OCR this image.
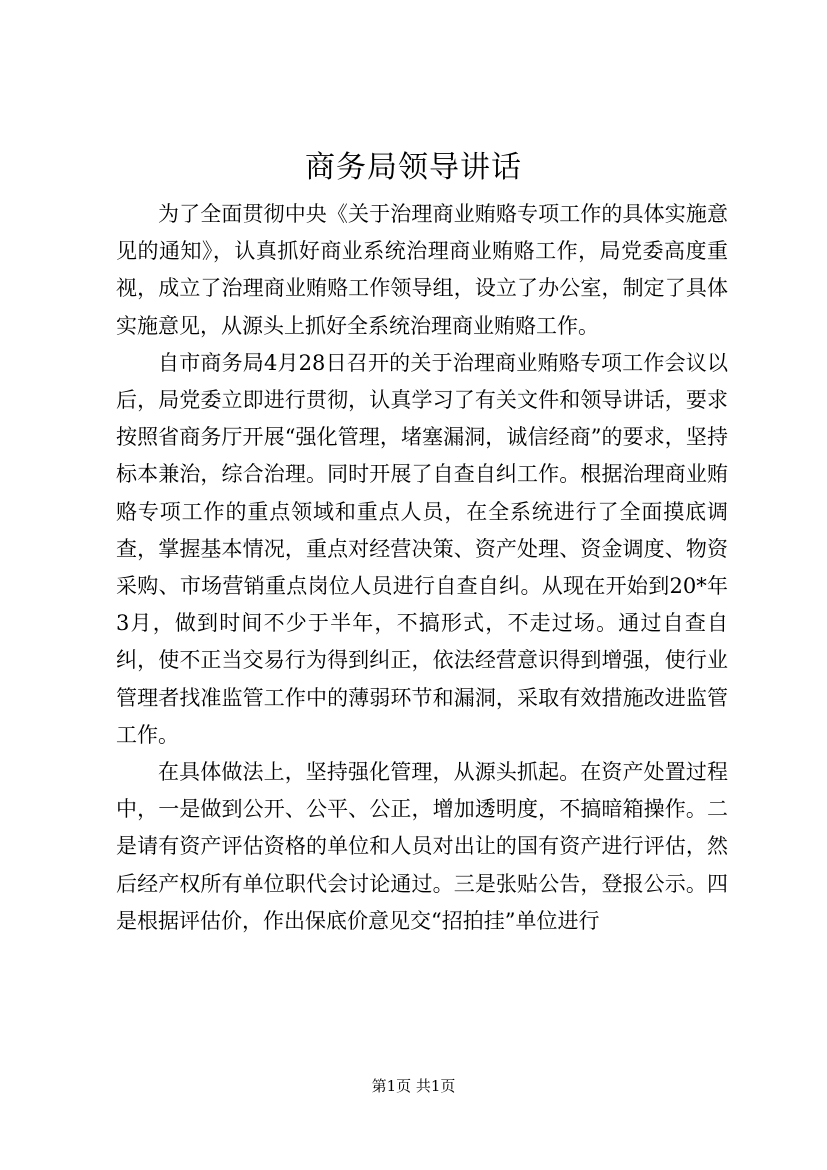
商务局领导讲话

为了全面贯彻中央《关于治理商业贿赂专项工作的具体实施意见的通知》，认真抓好商业系统治理商业贿赂工作，局党委高度重视，成立了治理商业贿赂工作领导组，设立了办公室，制定了具体实施意见，从源头上抓好全系统治理商业贿赂工作。

自市商务局4月28日召开的关于治理商业贿赂专项工作会议以后，局党委立即进行贯彻，认真学习了有关文件和领导讲话，要求按照省商务厅开展“强化管理，堵塞漏洞，诚信经商”的要求，坚持标本兼治，综合治理。同时开展了自查自纠工作。根据治理商业贿赂专项工作的重点领域和重点人员，在全系统进行了全面摸底调查，掌握基本情况，重点对经营决策、资产处理、资金调度、物资采购、市场营销重点岗位人员进行自查自纠。从现在开始到20*年3月，做到时间不少于半年，不搞形式，不走过场。通过自查自纠，使不正当交易行为得到纠正，依法经营意识得到增强，使行业管理者找准监管工作中的薄弱环节和漏洞，采取有效措施改进监管工作。

在具体做法上，坚持强化管理，从源头抓起。在资产处置过程中，一是做到公开、公平、公正，增加透明度，不搞暗箱操作。二是请有资产评估资格的单位和人员对出让的国有资产进行评估，然后经产权所有单位职代会讨论通过。三是张贴公告，登报公示。四是根据评估价，作出保底价意见交“招拍挂”单位进行

第1页 共1页
